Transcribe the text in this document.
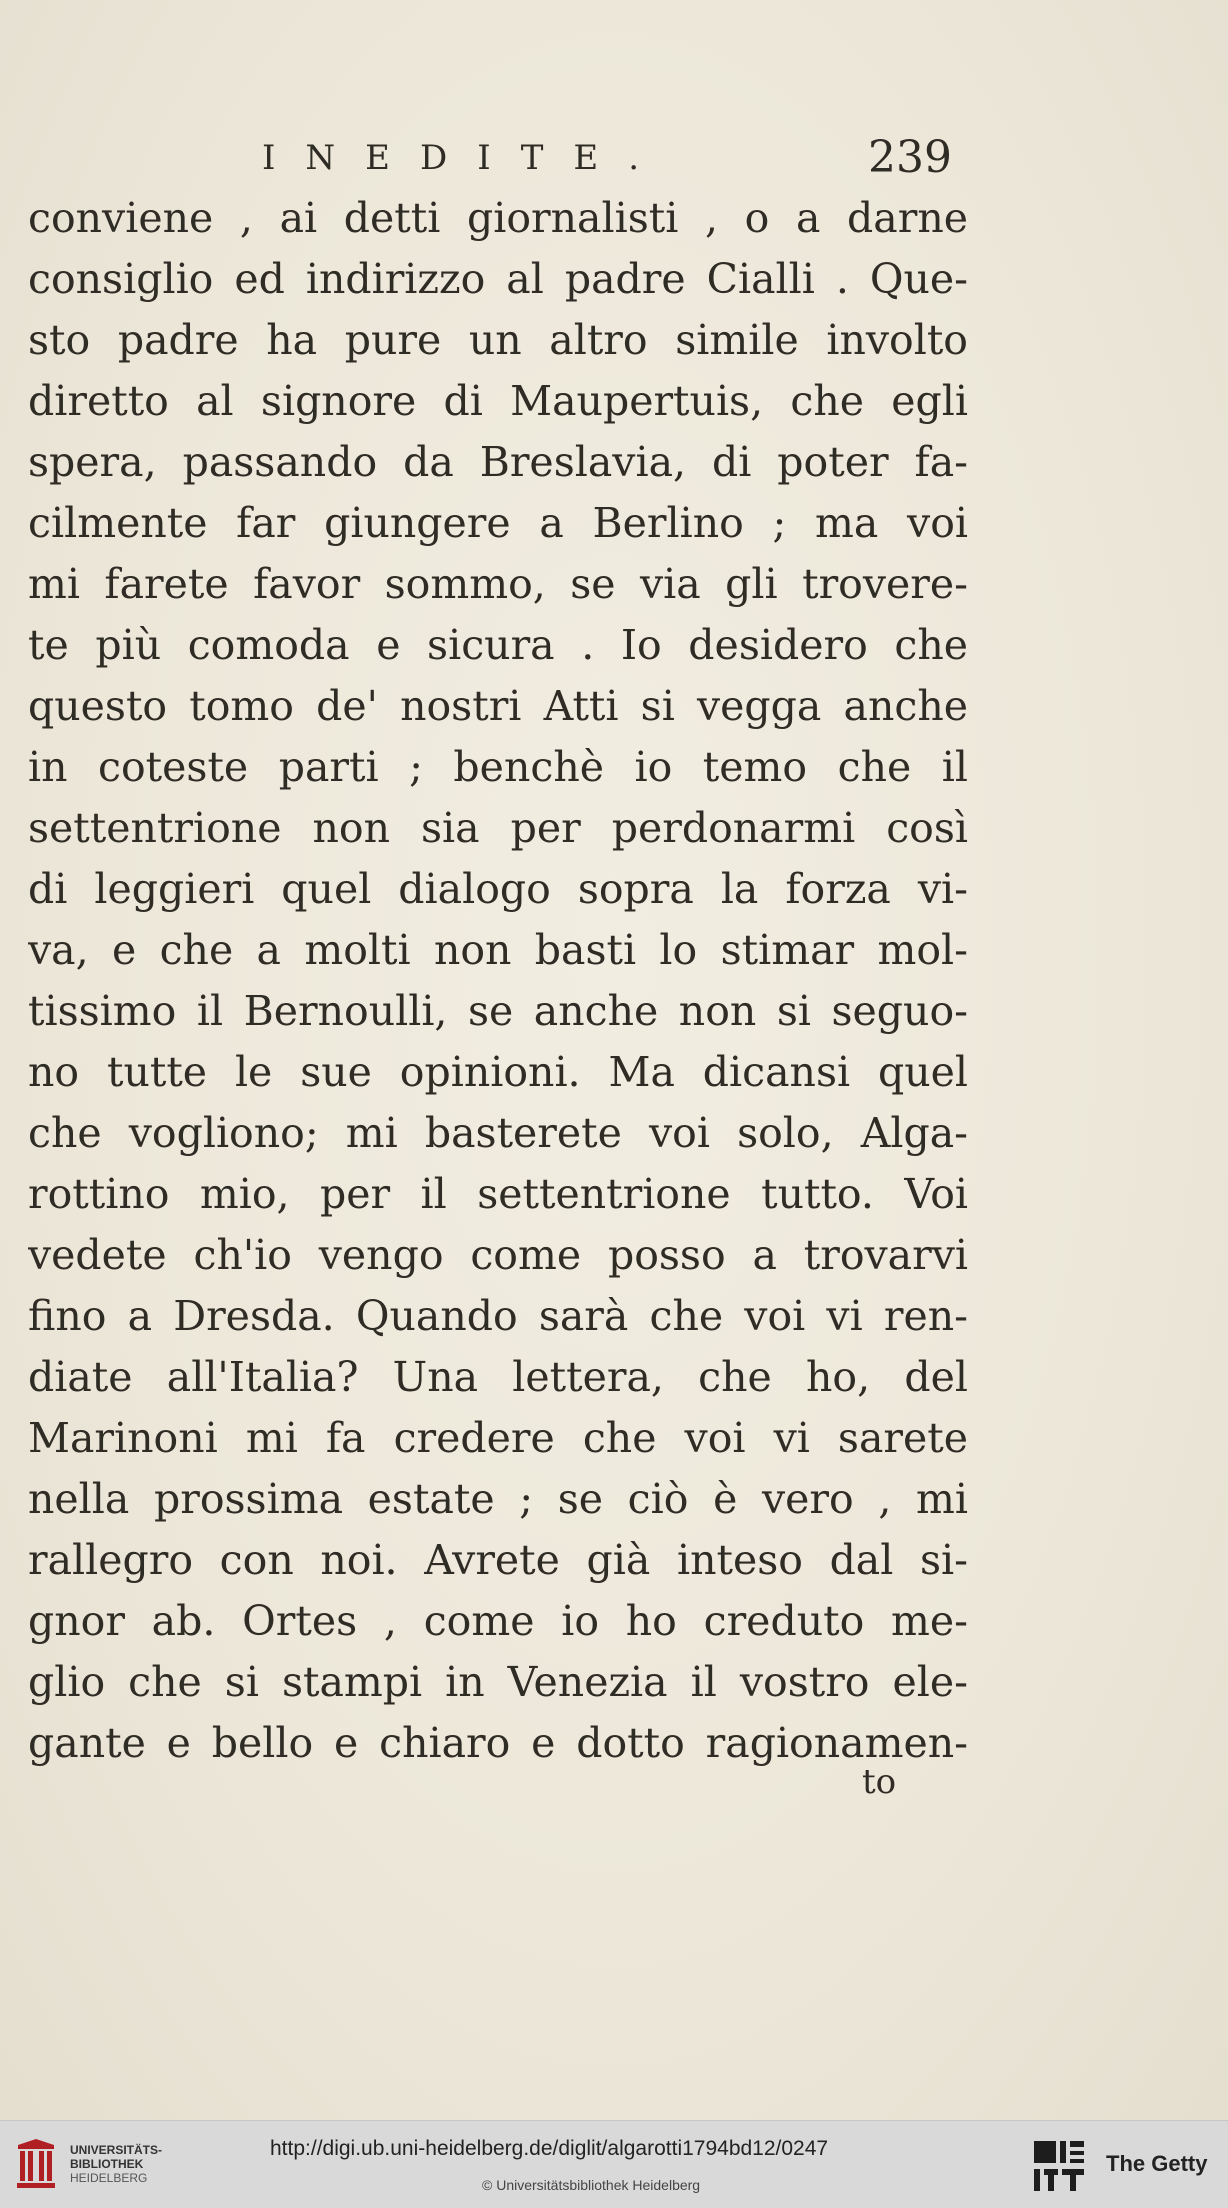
INEDITE.	239
conviene , ai detti giornalisti , o a darne
consiglio ed indirizzo al padre Cialli . Que-
sto padre ha pure un altro simile involto
diretto al signore di Maupertuis, che egli
spera, passando da Breslavia, di poter fa-
cilmente far giungere a Berlino ; ma voi
mi farete favor sommo, se via gli trovere-
te più comoda e sicura . Io desidero che
questo tomo de' nostri Atti si vegga anche
in coteste parti ; benchè io temo che il
settentrione non sia per perdonarmi così
di leggieri quel dialogo sopra la forza vi-
va, e che a molti non basti lo stimar mol-
tissimo il Bernoulli, se anche non si seguo-
no tutte le sue opinioni. Ma dicansi quel
che vogliono; mi basterete voi solo, Alga-
rottino mio, per il settentrione tutto. Voi
vedete ch'io vengo come posso a trovarvi
fino a Dresda. Quando sarà che voi vi ren-
diate all'Italia? Una lettera, che ho, del
Marinoni mi fa credere che voi vi sarete
nella prossima estate ; se ciò è vero , mi
rallegro con noi. Avrete già inteso dal si-
gnor ab. Ortes , come io ho creduto me-
glio che si stampi in Venezia il vostro ele-
gante e bello e chiaro e dotto ragionamen-
to
UNIVERSITÄTS-
BIBLIOTHEK
HEIDELBERG
http://digi.ub.uni-heidelberg.de/diglit/algarotti1794bd12/0247
© Universitätsbibliothek Heidelberg
The Getty
